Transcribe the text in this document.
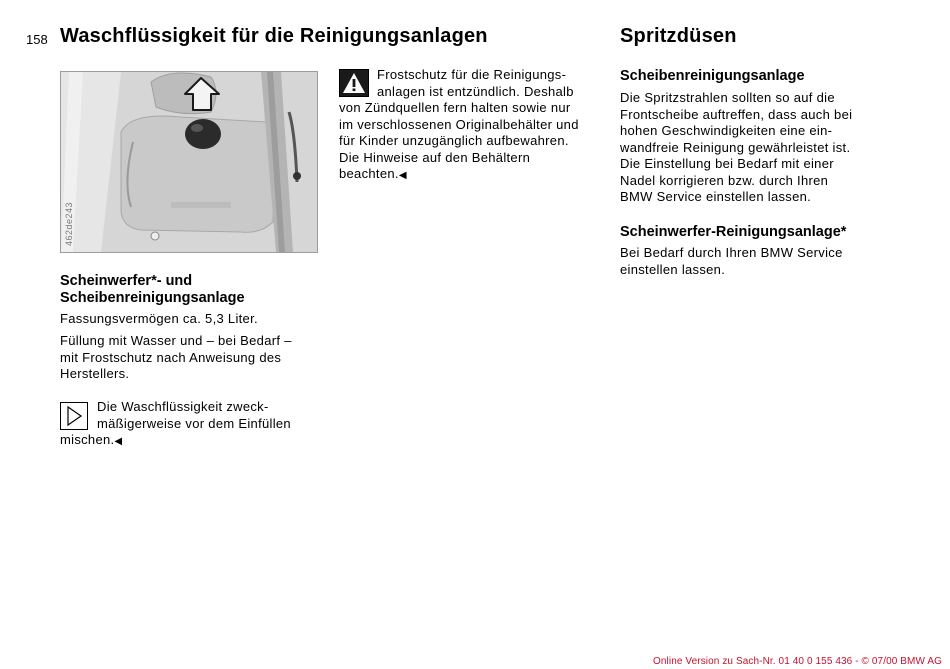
158 Waschflüssigkeit für die Reinigungsanlagen	Spritzdüsen
462de243
Scheinwerfer*- und
Scheibenreinigungsanlage
Fassungsvermögen ca. 5,3 Liter.
Füllung mit Wasser und – bei Bedarf –
mit Frostschutz nach Anweisung des
Herstellers.
Die Waschflüssigkeit zweck-
mäßigerweise vor dem Einfüllen
mischen.◀
Frostschutz für die Reinigungs-
anlagen ist entzündlich. Deshalb
von Zündquellen fern halten sowie nur
im verschlossenen Originalbehälter und
für Kinder unzugänglich aufbewahren.
Die Hinweise auf den Behältern
beachten.◀
Scheibenreinigungsanlage
Die Spritzstrahlen sollten so auf die
Frontscheibe auftreffen, dass auch bei
hohen Geschwindigkeiten eine ein-
wandfreie Reinigung gewährleistet ist.
Die Einstellung bei Bedarf mit einer
Nadel korrigieren bzw. durch Ihren
BMW Service einstellen lassen.
Scheinwerfer-Reinigungsanlage*
Bei Bedarf durch Ihren BMW Service
einstellen lassen.
Online Version zu Sach-Nr. 01 40 0 155 436 - © 07/00 BMW AG
